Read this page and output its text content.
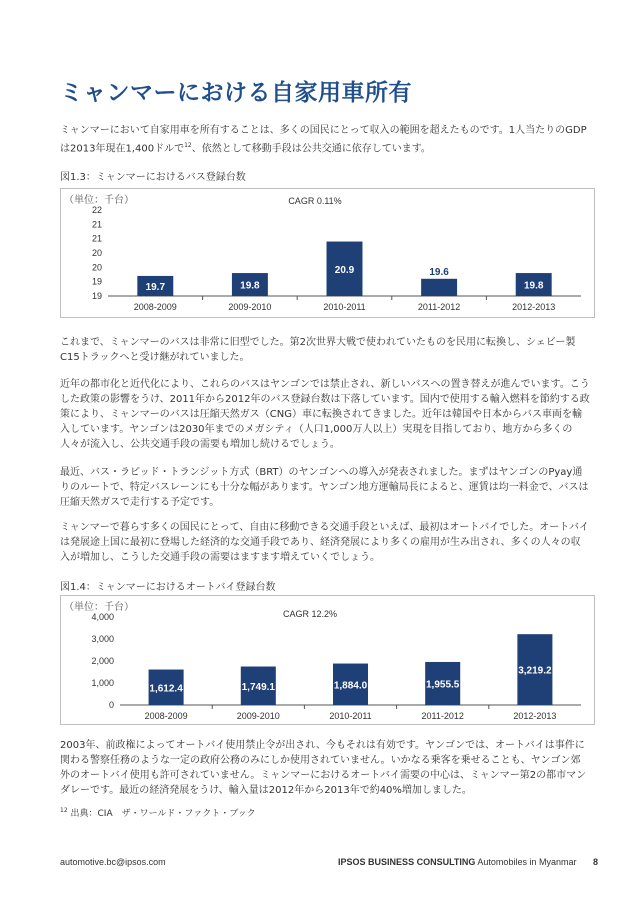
ミャンマーにおける自家用車所有
ミャンマーにおいて自家用車を所有することは、多くの国民にとって収入の範囲を超えたものです。1人当たりのGDPは2013年現在1,400ドルで$^{12}$、依然として移動手段は公共交通に依存しています。
図1.3：ミャンマーにおけるバス登録台数
（単位：千台）	CAGR 0.11%
22
21
21
20
20
19
19
19.7
2008-2009
19.8
2009-2010
20.9
2010-2011
19.6
2011-2012
19.8
2012-2013
これまで、ミャンマーのバスは非常に旧型でした。第2次世界大戦で使われていたものを民用に転換し、シェビー製C15トラックへと受け継がれていました。
近年の都市化と近代化により、これらのバスはヤンゴンでは禁止され、新しいバスへの置き替えが進んでいます。こうした政策の影響をうけ、2011年から2012年のバス登録台数は下落しています。国内で使用する輸入燃料を節約する政策により、ミャンマーのバスは圧縮天然ガス（CNG）車に転換されてきました。近年は韓国や日本からバス車両を輸入しています。ヤンゴンは2030年までのメガシティ（人口1,000万人以上）実現を目指しており、地方から多くの人々が流入し、公共交通手段の需要も増加し続けるでしょう。
最近、バス・ラピッド・トランジット方式（BRT）のヤンゴンへの導入が発表されました。まずはヤンゴンのPyay通りのルートで、特定バスレーンにも十分な幅があります。ヤンゴン地方運輸局長によると、運賃は均一料金で、バスは圧縮天然ガスで走行する予定です。
ミャンマーで暮らす多くの国民にとって、自由に移動できる交通手段といえば、最初はオートバイでした。オートバイは発展途上国に最初に登場した経済的な交通手段であり、経済発展により多くの雇用が生み出され、多くの人々の収入が増加し、こうした交通手段の需要はますます増えていくでしょう。
図1.4：ミャンマーにおけるオートバイ登録台数
（単位：千台）
CAGR 12.2%
4,000
3,000
2,000
1,000
0
1,612.4
2008-2009
1,749.1
2009-2010
1,884.0
2010-2011
1,955.5
2011-2012
3,219.2
2012-2013
2003年、前政権によってオートバイ使用禁止令が出され、今もそれは有効です。ヤンゴンでは、オートバイは事件に関わる警察任務のような一定の政府公務のみにしか使用されていません。いかなる乗客を乗せることも、ヤンゴン郊外のオートバイ使用も許可されていません。ミャンマーにおけるオートバイ需要の中心は、ミャンマー第2の都市マンダレーです。最近の経済発展をうけ、輸入量は2012年から2013年で約40%増加しました。
$^{12}$ 出典：CIA　ザ・ワールド・ファクト・ブック
automotive.bc@ipsos.com	IPSOS BUSINESS CONSULTING Automobiles in Myanmar 8
